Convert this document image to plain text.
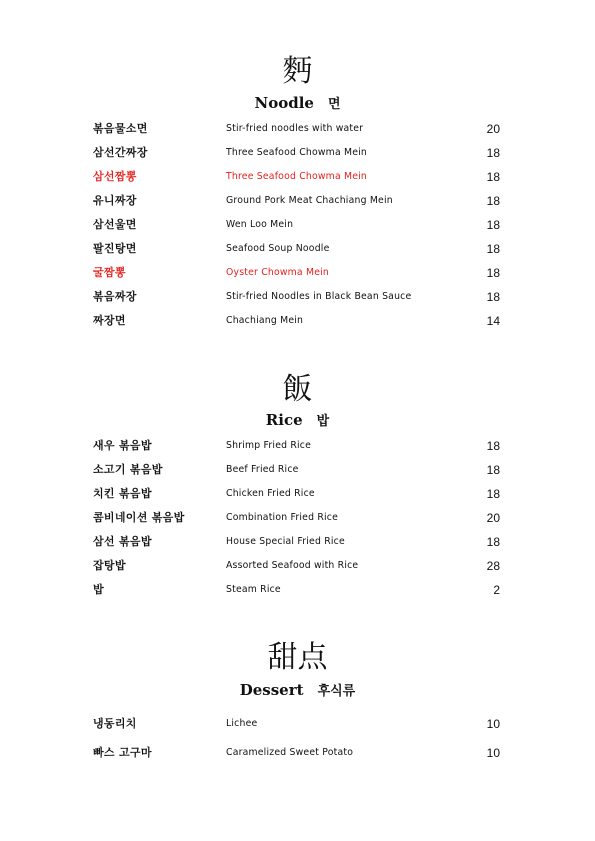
麪
Noodle 면
볶음물소면	Stir-fried noodles with water	20
삼선간짜장	Three Seafood Chowma Mein	18
삼선짬뽕	Three Seafood Chowma Mein	18
유니짜장	Ground Pork Meat Chachiang Mein	18
삼선울면	Wen Loo Mein	18
팔진탕면	Seafood Soup Noodle	18
굴짬뽕	Oyster Chowma Mein	18
볶음짜장	Stir-fried Noodles in Black Bean Sauce	18
짜장면	Chachiang Mein	14
飯
Rice 밥
새우 볶음밥	Shrimp Fried Rice	18
소고기 볶음밥	Beef Fried Rice	18
치킨 볶음밥	Chicken Fried Rice	18
콤비네이션 볶음밥	Combination Fried Rice	20
삼선 볶음밥	House Special Fried Rice	18
잡탕밥	Assorted Seafood with Rice	28
밥	Steam Rice	2
甜点
Dessert 후식류
냉동리치	Lichee	10
빠스 고구마	Caramelized Sweet Potato	10
